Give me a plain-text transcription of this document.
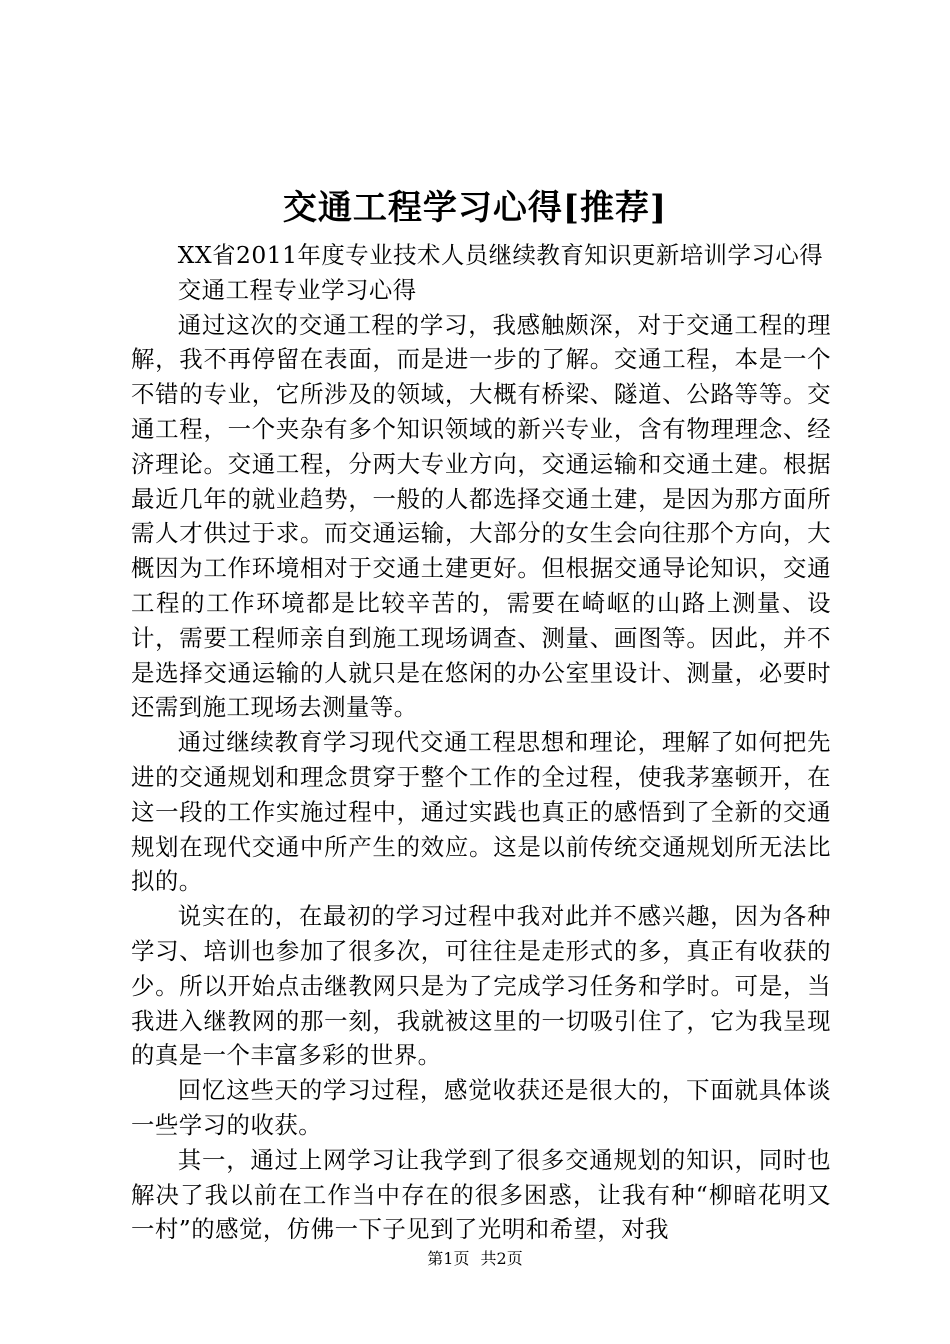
交通工程学习心得[推荐]

XX省2011年度专业技术人员继续教育知识更新培训学习心得

交通工程专业学习心得

通过这次的交通工程的学习，我感触颇深，对于交通工程的理解，我不再停留在表面，而是进一步的了解。交通工程，本是一个不错的专业，它所涉及的领域，大概有桥梁、隧道、公路等等。交通工程，一个夹杂有多个知识领域的新兴专业，含有物理理念、经济理论。交通工程，分两大专业方向，交通运输和交通土建。根据最近几年的就业趋势，一般的人都选择交通土建，是因为那方面所需人才供过于求。而交通运输，大部分的女生会向往那个方向，大概因为工作环境相对于交通土建更好。但根据交通导论知识，交通工程的工作环境都是比较辛苦的，需要在崎岖的山路上测量、设计，需要工程师亲自到施工现场调查、测量、画图等。因此，并不是选择交通运输的人就只是在悠闲的办公室里设计、测量，必要时还需到施工现场去测量等。

通过继续教育学习现代交通工程思想和理论，理解了如何把先进的交通规划和理念贯穿于整个工作的全过程，使我茅塞顿开，在这一段的工作实施过程中，通过实践也真正的感悟到了全新的交通规划在现代交通中所产生的效应。这是以前传统交通规划所无法比拟的。

说实在的，在最初的学习过程中我对此并不感兴趣，因为各种学习、培训也参加了很多次，可往往是走形式的多，真正有收获的少。所以开始点击继教网只是为了完成学习任务和学时。可是，当我进入继教网的那一刻，我就被这里的一切吸引住了，它为我呈现的真是一个丰富多彩的世界。

回忆这些天的学习过程，感觉收获还是很大的，下面就具体谈一些学习的收获。

其一，通过上网学习让我学到了很多交通规划的知识，同时也解决了我以前在工作当中存在的很多困惑，让我有种“柳暗花明又一村”的感觉，仿佛一下子见到了光明和希望，对我

第1页 共2页
